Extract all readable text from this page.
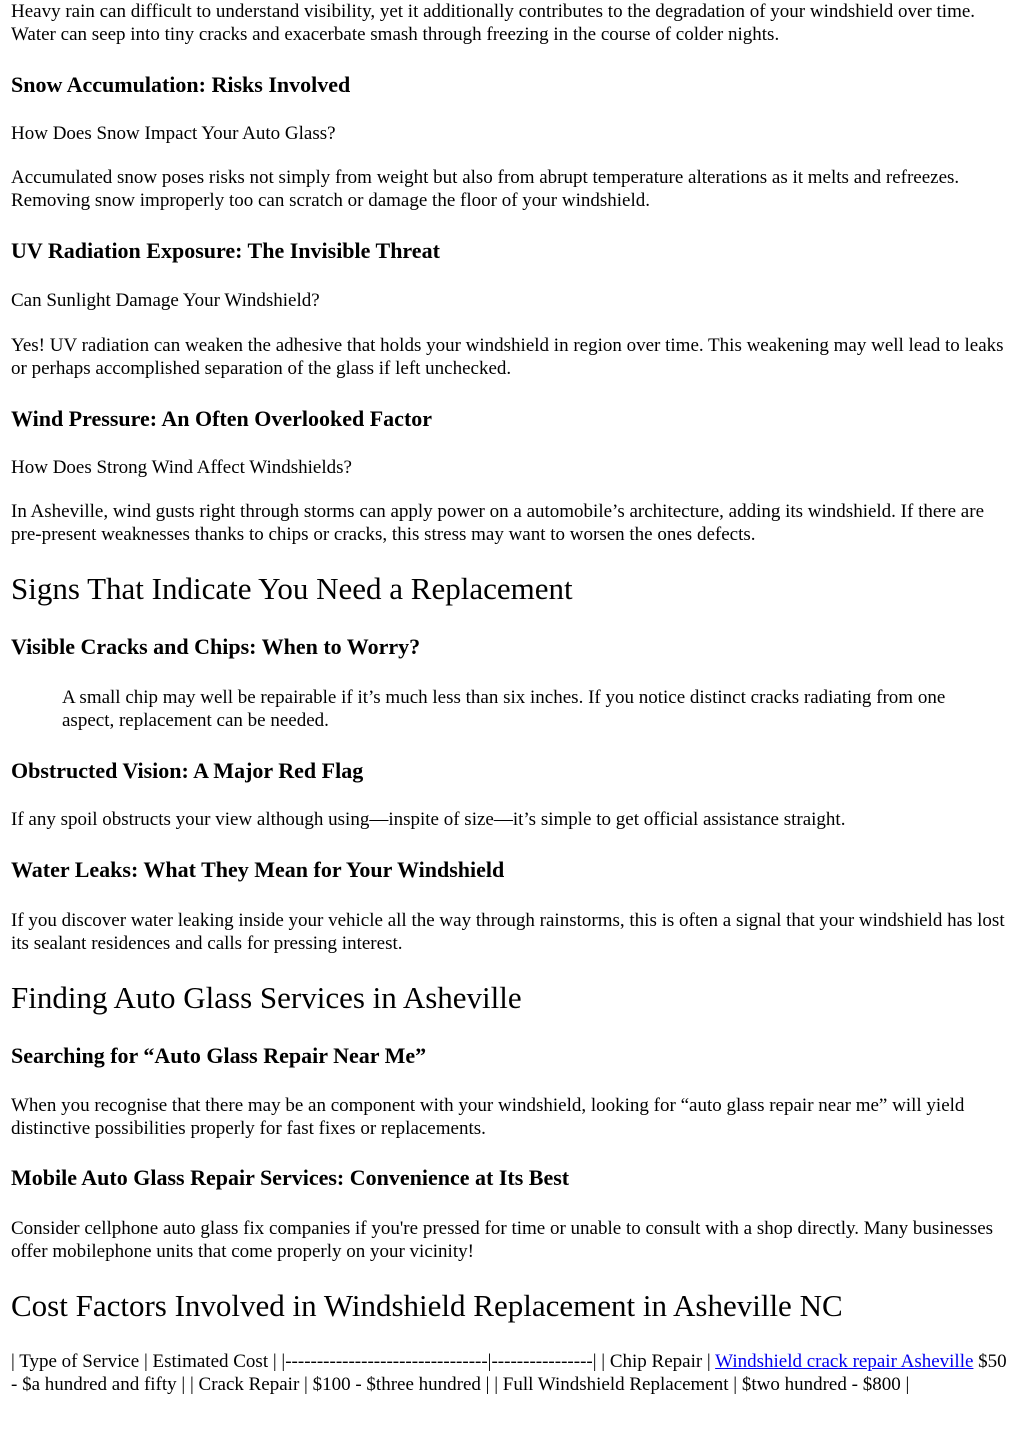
Heavy rain can difficult to understand visibility, yet it additionally contributes to the degradation of your windshield over time. Water can seep into tiny cracks and exacerbate smash through freezing in the course of colder nights.

Snow Accumulation: Risks Involved

How Does Snow Impact Your Auto Glass?

Accumulated snow poses risks not simply from weight but also from abrupt temperature alterations as it melts and refreezes. Removing snow improperly too can scratch or damage the floor of your windshield.

UV Radiation Exposure: The Invisible Threat

Can Sunlight Damage Your Windshield?

Yes! UV radiation can weaken the adhesive that holds your windshield in region over time. This weakening may well lead to leaks or perhaps accomplished separation of the glass if left unchecked.

Wind Pressure: An Often Overlooked Factor

How Does Strong Wind Affect Windshields?

In Asheville, wind gusts right through storms can apply power on a automobile’s architecture, adding its windshield. If there are pre-present weaknesses thanks to chips or cracks, this stress may want to worsen the ones defects.

Signs That Indicate You Need a Replacement
Visible Cracks and Chips: When to Worry?

A small chip may well be repairable if it’s much less than six inches. If you notice distinct cracks radiating from one aspect, replacement can be needed.

Obstructed Vision: A Major Red Flag

If any spoil obstructs your view although using—inspite of size—it’s simple to get official assistance straight.

Water Leaks: What They Mean for Your Windshield

If you discover water leaking inside your vehicle all the way through rainstorms, this is often a signal that your windshield has lost its sealant residences and calls for pressing interest.

Finding Auto Glass Services in Asheville
Searching for “Auto Glass Repair Near Me”

When you recognise that there may be an component with your windshield, looking for “auto glass repair near me” will yield distinctive possibilities properly for fast fixes or replacements.

Mobile Auto Glass Repair Services: Convenience at Its Best

Consider cellphone auto glass fix companies if you're pressed for time or unable to consult with a shop directly. Many businesses offer mobilephone units that come properly on your vicinity!

Cost Factors Involved in Windshield Replacement in Asheville NC

| Type of Service | Estimated Cost | |--------------------------------|----------------| | Chip Repair | Windshield crack repair Asheville $50 - $a hundred and fifty | | Crack Repair | $100 - $three hundred | | Full Windshield Replacement | $two hundred - $800 |
